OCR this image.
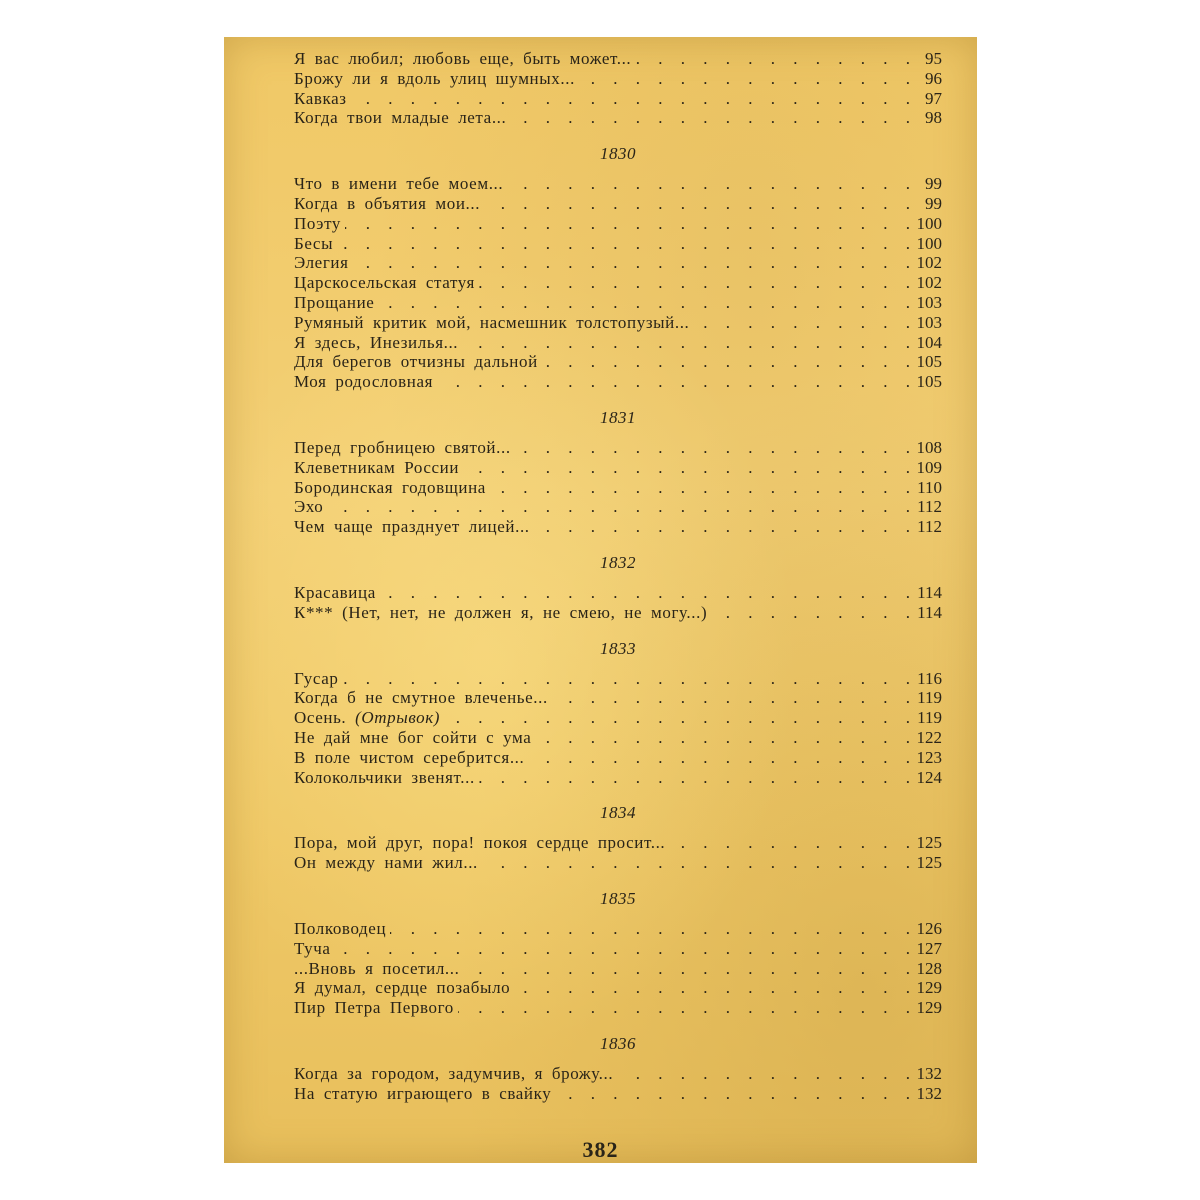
Я вас любил; любовь еще, быть может... . . .	95
Брожу ли я вдоль улиц шумных... . . .	96
Кавказ . . .	97
Когда твои младые лета... . . .	98
1830
Что в имени тебе моем... . . .	99
Когда в объятия мои... . . .	99
Поэту . . .	100
Бесы . . .	100
Элегия . . .	102
Царскосельская статуя . . .	102
Прощание . . .	103
Румяный критик мой, насмешник толстопузый... . . .	103
Я здесь, Инезилья... . . .	104
Для берегов отчизны дальной . . .	105
Моя родословная . . .	105
1831
Перед гробницею святой... . . .	108
Клеветникам России . . .	109
Бородинская годовщина . . .	110
Эхо . . .	112
Чем чаще празднует лицей... . . .	112
1832
Красавица . . .	114
К*** (Нет, нет, не должен я, не смею, не могу...) . . .	114
1833
Гусар . . .	116
Когда б не смутное влеченье... . . .	119
Осень. (Отрывок) . . .	119
Не дай мне бог сойти с ума . . .	122
В поле чистом серебрится... . . .	123
Колокольчики звенят... . . .	124
1834
Пора, мой друг, пора! покоя сердце просит... . . .	125
Он между нами жил... . . .	125
1835
Полководец . . .	126
Туча . . .	127
...Вновь я посетил... . . .	128
Я думал, сердце позабыло . . .	129
Пир Петра Первого . . .	129
1836
Когда за городом, задумчив, я брожу... . . .	132
На статую играющего в свайку . . .	132
382
